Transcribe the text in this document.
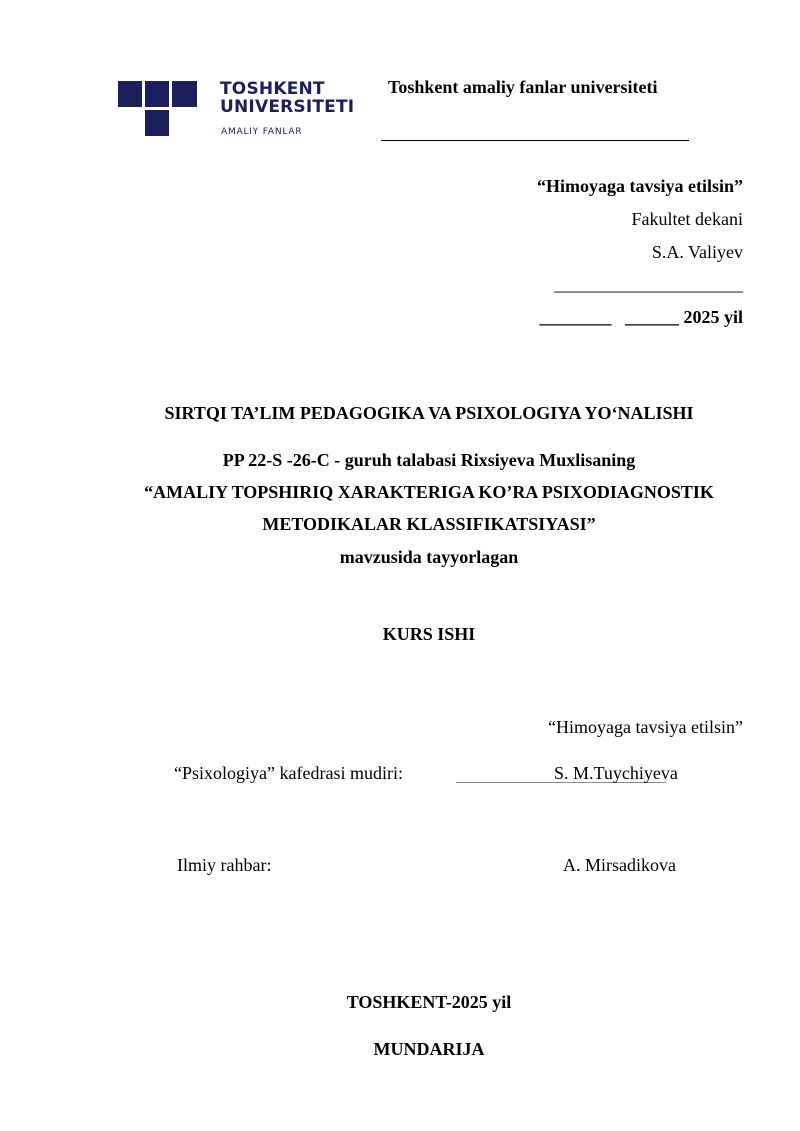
TOSHKENT
UNIVERSITETI
AMALIY FANLAR
Toshkent amaliy fanlar universiteti
“Himoyaga tavsiya etilsin”
Fakultet dekani
S.A. Valiyev
_____________________
________   ______ 2025 yil
SIRTQI TA’LIM PEDAGOGIKA VA PSIXOLOGIYA YO‘NALISHI
PP 22-S -26-C - guruh talabasi Rixsiyeva Muxlisaning
“AMALIY TOPSHIRIQ XARAKTERIGA KO’RA PSIXODIAGNOSTIK
METODIKALAR KLASSIFIKATSIYASI”
mavzusida tayyorlagan
KURS ISHI
“Himoyaga tavsiya etilsin”
“Psixologiya” kafedrasi mudiri:	S. M.Tuychiyeva
Ilmiy rahbar:	A. Mirsadikova
TOSHKENT-2025 yil
MUNDARIJA
